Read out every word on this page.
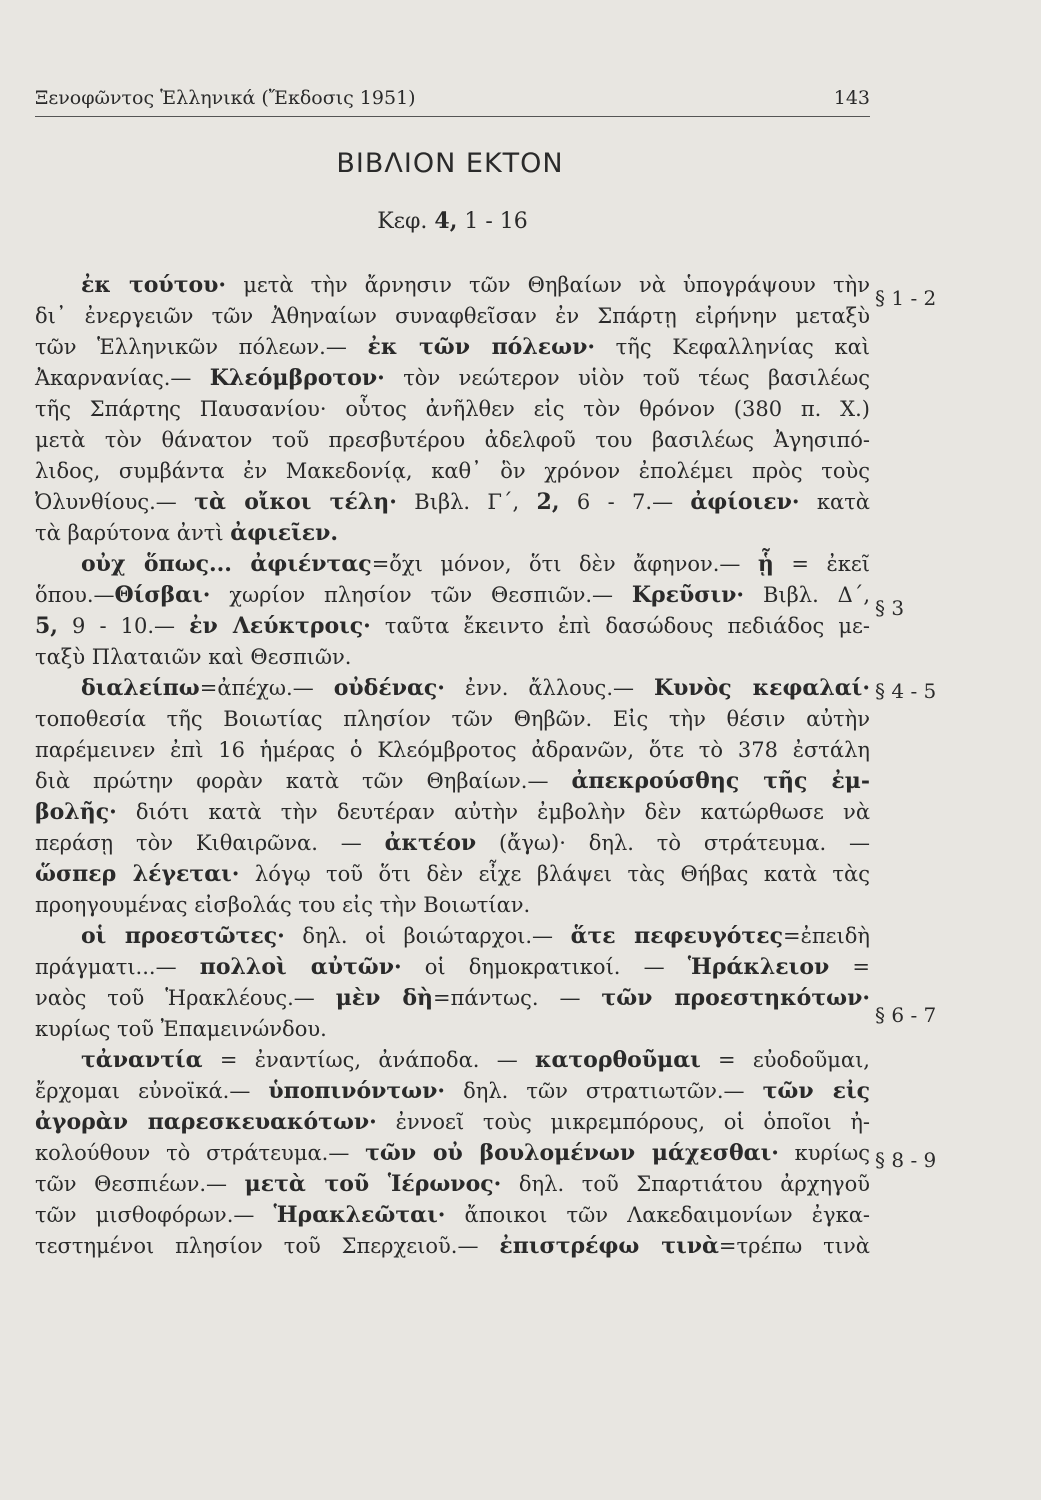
Ξενοφῶντος Ἑλληνικά (Ἔκδοσις 1951)	143
ΒΙΒΛΙΟΝ ΕΚΤΟΝ
Κεφ. 4, 1 - 16
ἐκ τούτου· μετὰ τὴν ἄρνησιν τῶν Θηβαίων νὰ ὑπογράψουν τὴν
δι᾿ ἐνεργειῶν τῶν Ἀθηναίων συναφθεῖσαν ἐν Σπάρτῃ εἰρήνην μεταξὺ
τῶν Ἑλληνικῶν πόλεων.— ἐκ τῶν πόλεων· τῆς Κεφαλληνίας καὶ
Ἀκαρνανίας.— Κλεόμβροτον· τὸν νεώτερον υἱὸν τοῦ τέως βασιλέως
τῆς Σπάρτης Παυσανίου· οὗτος ἀνῆλθεν εἰς τὸν θρόνον (380 π. Χ.)
μετὰ τὸν θάνατον τοῦ πρεσβυτέρου ἀδελφοῦ του βασιλέως Ἀγησιπό-
λιδος, συμβάντα ἐν Μακεδονίᾳ, καθ᾿ ὃν χρόνον ἐπολέμει πρὸς τοὺς
Ὀλυνθίους.— τὰ οἴκοι τέλη· Βιβλ. Γ΄, 2, 6 - 7.— ἀφίοιεν· κατὰ
τὰ βαρύτονα ἀντὶ ἀφιεῖεν.
οὐχ ὅπως... ἀφιέντας=ὄχι μόνον, ὅτι δὲν ἄφηνον.— ᾗ = ἐκεῖ
ὅπου.—Θίσβαι· χωρίον πλησίον τῶν Θεσπιῶν.— Κρεῦσιν· Βιβλ. Δ΄,
5, 9 - 10.— ἐν Λεύκτροις· ταῦτα ἔκειντο ἐπὶ δασώδους πεδιάδος με-
ταξὺ Πλαταιῶν καὶ Θεσπιῶν.
διαλείπω=ἀπέχω.— οὐδένας· ἐνν. ἄλλους.— Κυνὸς κεφαλαί·
τοποθεσία τῆς Βοιωτίας πλησίον τῶν Θηβῶν. Εἰς τὴν θέσιν αὐτὴν
παρέμεινεν ἐπὶ 16 ἡμέρας ὁ Κλεόμβροτος ἀδρανῶν, ὅτε τὸ 378 ἐστάλη
διὰ πρώτην φορὰν κατὰ τῶν Θηβαίων.— ἀπεκρούσθης τῆς ἐμ-
βολῆς· διότι κατὰ τὴν δευτέραν αὐτὴν ἐμβολὴν δὲν κατώρθωσε νὰ
περάσῃ τὸν Κιθαιρῶνα. — ἀκτέον (ἄγω)· δηλ. τὸ στράτευμα. —
ὥσπερ λέγεται· λόγῳ τοῦ ὅτι δὲν εἶχε βλάψει τὰς Θήβας κατὰ τὰς
προηγουμένας εἰσβολάς του εἰς τὴν Βοιωτίαν.
οἱ προεστῶτες· δηλ. οἱ βοιώταρχοι.— ἅτε πεφευγότες=ἐπειδὴ
πράγματι...— πολλοὶ αὐτῶν· οἱ δημοκρατικοί. — Ἡράκλειον =
ναὸς τοῦ Ἡρακλέους.— μὲν δὴ=πάντως. — τῶν προεστηκότων·
κυρίως τοῦ Ἐπαμεινώνδου.
τἀναντία = ἐναντίως, ἀνάποδα. — κατορθοῦμαι = εὐοδοῦμαι,
ἔρχομαι εὐνοϊκά.— ὑποπινόντων· δηλ. τῶν στρατιωτῶν.— τῶν εἰς
ἀγορὰν παρεσκευακότων· ἐννοεῖ τοὺς μικρεμπόρους, οἱ ὁποῖοι ἠ-
κολούθουν τὸ στράτευμα.— τῶν οὐ βουλομένων μάχεσθαι· κυρίως
τῶν Θεσπιέων.— μετὰ τοῦ Ἱέρωνος· δηλ. τοῦ Σπαρτιάτου ἀρχηγοῦ
τῶν μισθοφόρων.— Ἡρακλεῶται· ἄποικοι τῶν Λακεδαιμονίων ἐγκα-
τεστημένοι πλησίον τοῦ Σπερχειοῦ.— ἐπιστρέφω τινὰ=τρέπω τινὰ
§ 1 - 2
§ 3
§ 4 - 5
§ 6 - 7
§ 8 - 9
